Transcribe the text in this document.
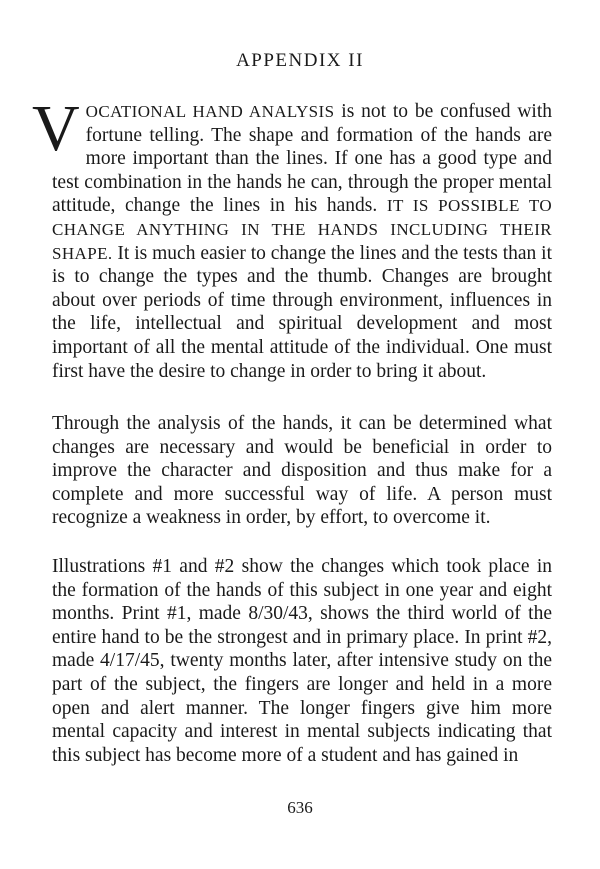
APPENDIX II
VOCATIONAL HAND ANALYSIS is not to be confused with fortune telling. The shape and formation of the hands are more important than the lines. If one has a good type and test combination in the hands he can, through the proper mental attitude, change the lines in his hands. IT IS POSSIBLE TO CHANGE ANYTHING IN THE HANDS INCLUDING THEIR SHAPE. It is much easier to change the lines and the tests than it is to change the types and the thumb. Changes are brought about over periods of time through environment, influences in the life, intellectual and spiritual development and most important of all the mental attitude of the individual. One must first have the desire to change in order to bring it about.
Through the analysis of the hands, it can be determined what changes are necessary and would be beneficial in order to improve the character and disposition and thus make for a complete and more successful way of life. A person must recognize a weakness in order, by effort, to overcome it.
Illustrations #1 and #2 show the changes which took place in the formation of the hands of this subject in one year and eight months. Print #1, made 8/30/43, shows the third world of the entire hand to be the strongest and in primary place. In print #2, made 4/17/45, twenty months later, after intensive study on the part of the subject, the fingers are longer and held in a more open and alert manner. The longer fingers give him more mental capacity and interest in mental subjects indicating that this subject has become more of a student and has gained in
636
